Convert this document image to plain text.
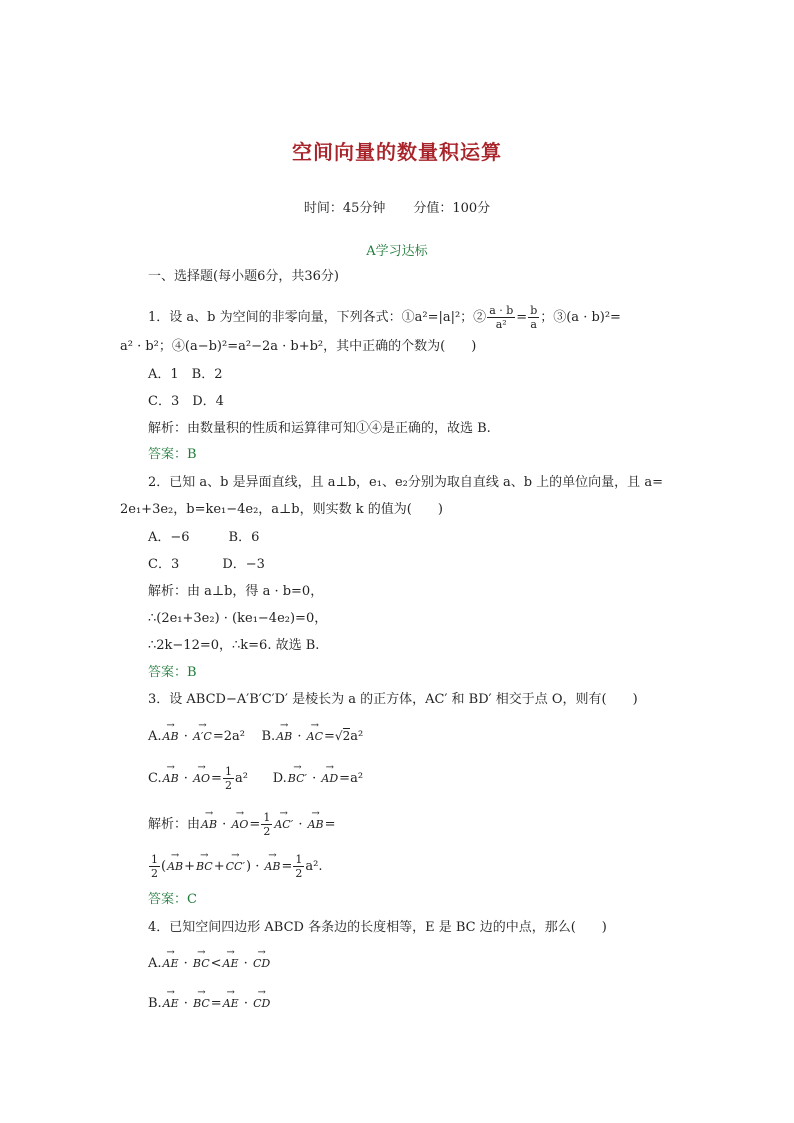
空间向量的数量积运算
时间：45分钟 分值：100分
A学习达标
一、选择题(每小题6分，共36分)
1．设 a、b 为空间的非零向量，下列各式：①a²=|a|²；② $\frac{a \cdot b}{\text{a²}} = \frac{b}{a}$ ；③(a · b)²=
a² · b²；④(a−b)²=a²−2a · b+b²，其中正确的个数为(　　)
A．1　B．2
C．3　D．4
解析：由数量积的性质和运算律可知①④是正确的，故选 B.
答案：B
2．已知 a、b 是异面直线，且 a⊥b，e₁、e₂分别为取自直线 a、b 上的单位向量，且 a=
2e₁+3e₂，b=ke₁−4e₂，a⊥b，则实数 k 的值为(　　)
A．−6　　　B．6
C．3　　　 D．−3
解析：由 a⊥b，得 a · b=0，
∴(2e₁+3e₂) · (ke₁−4e₂)=0，
∴2k−12=0，∴k=6. 故选 B.
答案：B
3．设 ABCD−A′B′C′D′ 是棱长为 a 的正方体，AC′ 和 BD′ 相交于点 O，则有(　　)
A.→ AB · → A′C=2a² B.→ AB · → AC=√2a²
C.→ AB · → $AO= \frac{1}{2} a^2$ D.→ BC′ · → AD=a²
解析：由→ AB · → $AO= \frac{1}{2}$
→ AC′ · → AB=
$\frac{1}{2}$ (→ AB+→ BC+→ CC′) · → $AB= \frac{1}{2} a^2$.
答案：C
4．已知空间四边形 ABCD 各条边的长度相等，E 是 BC 边的中点，那么(　　)
A.→ AE · → BC<→ AE · → CD
B.→ AE · → BC=→ AE · → CD
